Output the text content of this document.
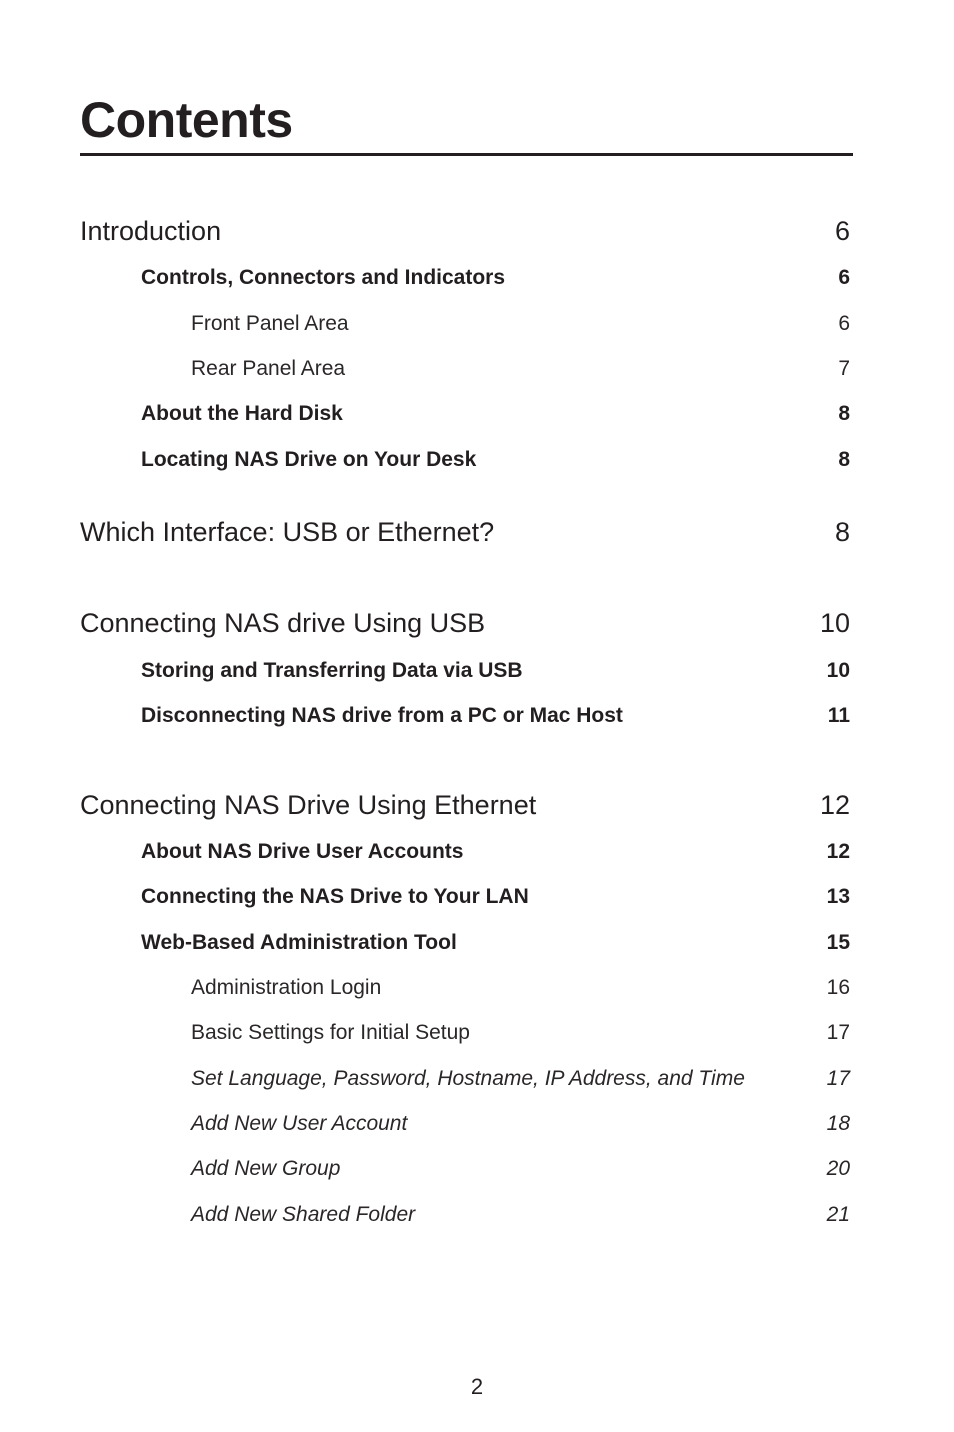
Contents
Introduction	6
Controls, Connectors and Indicators	6
Front Panel Area	6
Rear Panel Area	7
About the Hard Disk	8
Locating NAS Drive on Your Desk	8
Which Interface: USB or Ethernet?	8
Connecting NAS drive Using USB	10
Storing and Transferring Data via USB	10
Disconnecting NAS drive from a PC or Mac Host	11
Connecting NAS Drive Using Ethernet	12
About NAS Drive User Accounts	12
Connecting the NAS Drive to Your LAN	13
Web-Based Administration Tool	15
Administration Login	16
Basic Settings for Initial Setup	17
Set Language, Password, Hostname, IP Address, and Time	17
Add New User Account	18
Add New Group	20
Add New Shared Folder	21
2
